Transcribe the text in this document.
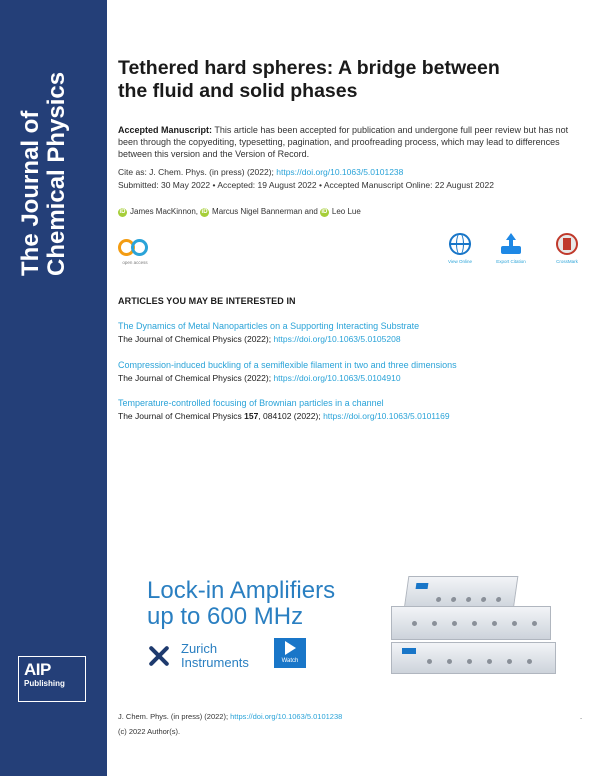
The Journal of Chemical Physics
AIP
Publishing
Tethered hard spheres: A bridge between
the fluid and solid phases

Accepted Manuscript: This article has been accepted for publication and undergone full peer review but has not been through the copyediting, typesetting, pagination, and proofreading process, which may lead to differences between this version and the Version of Record.

Cite as: J. Chem. Phys. (in press) (2022); https://doi.org/10.1063/5.0101238
Submitted: 30 May 2022 • Accepted: 19 August 2022 • Accepted Manuscript Online: 22 August 2022
iD James MacKinnon, iD Marcus Nigel Bannerman and iD Leo Lue
open access	View Online	Export Citation	CrossMark
ARTICLES YOU MAY BE INTERESTED IN
The Dynamics of Metal Nanoparticles on a Supporting Interacting Substrate
The Journal of Chemical Physics (2022); https://doi.org/10.1063/5.0105208
Compression-induced buckling of a semiflexible filament in two and three dimensions
The Journal of Chemical Physics (2022); https://doi.org/10.1063/5.0104910
Temperature-controlled focusing of Brownian particles in a channel
The Journal of Chemical Physics 157, 084102 (2022); https://doi.org/10.1063/5.0101169
Lock-in Amplifiers
up to 600 MHz
Zurich
Instruments	Watch
J. Chem. Phys. (in press) (2022); https://doi.org/10.1063/5.0101238	.
(c) 2022 Author(s).
